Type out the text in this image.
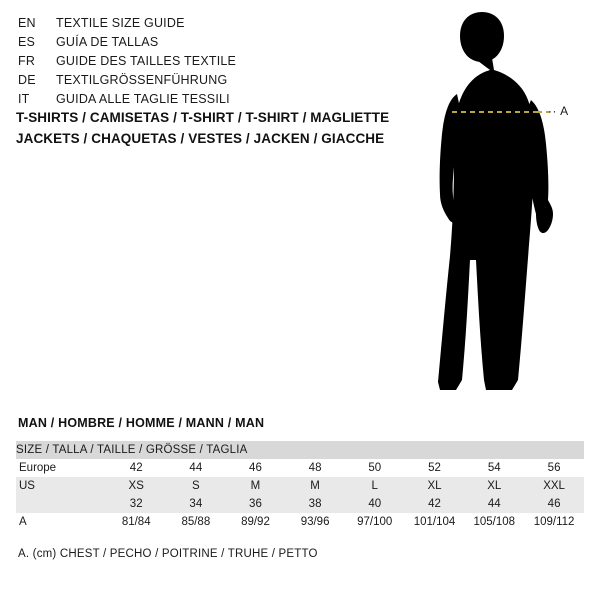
EN	TEXTILE SIZE GUIDE
ES	GUÍA DE TALLAS
FR	GUIDE DES TAILLES TEXTILE
DE	TEXTILGRÖSSENFÜHRUNG
IT	GUIDA ALLE TAGLIE TESSILI
T-SHIRTS / CAMISETAS / T-SHIRT / T-SHIRT / MAGLIETTE
JACKETS / CHAQUETAS / VESTES / JACKEN / GIACCHE
·· A
MAN / HOMBRE / HOMME / MANN / MAN
SIZE / TALLA / TAILLE / GRÖSSE / TAGLIA								
Europe	42	44	46	48	50	52	54	56
US	XS	S	M	M	L	XL	XL	XXL
	32	34	36	38	40	42	44	46
A	81/84	85/88	89/92	93/96	97/100	101/104	105/108	109/112
A. (cm) CHEST / PECHO / POITRINE / TRUHE / PETTO
